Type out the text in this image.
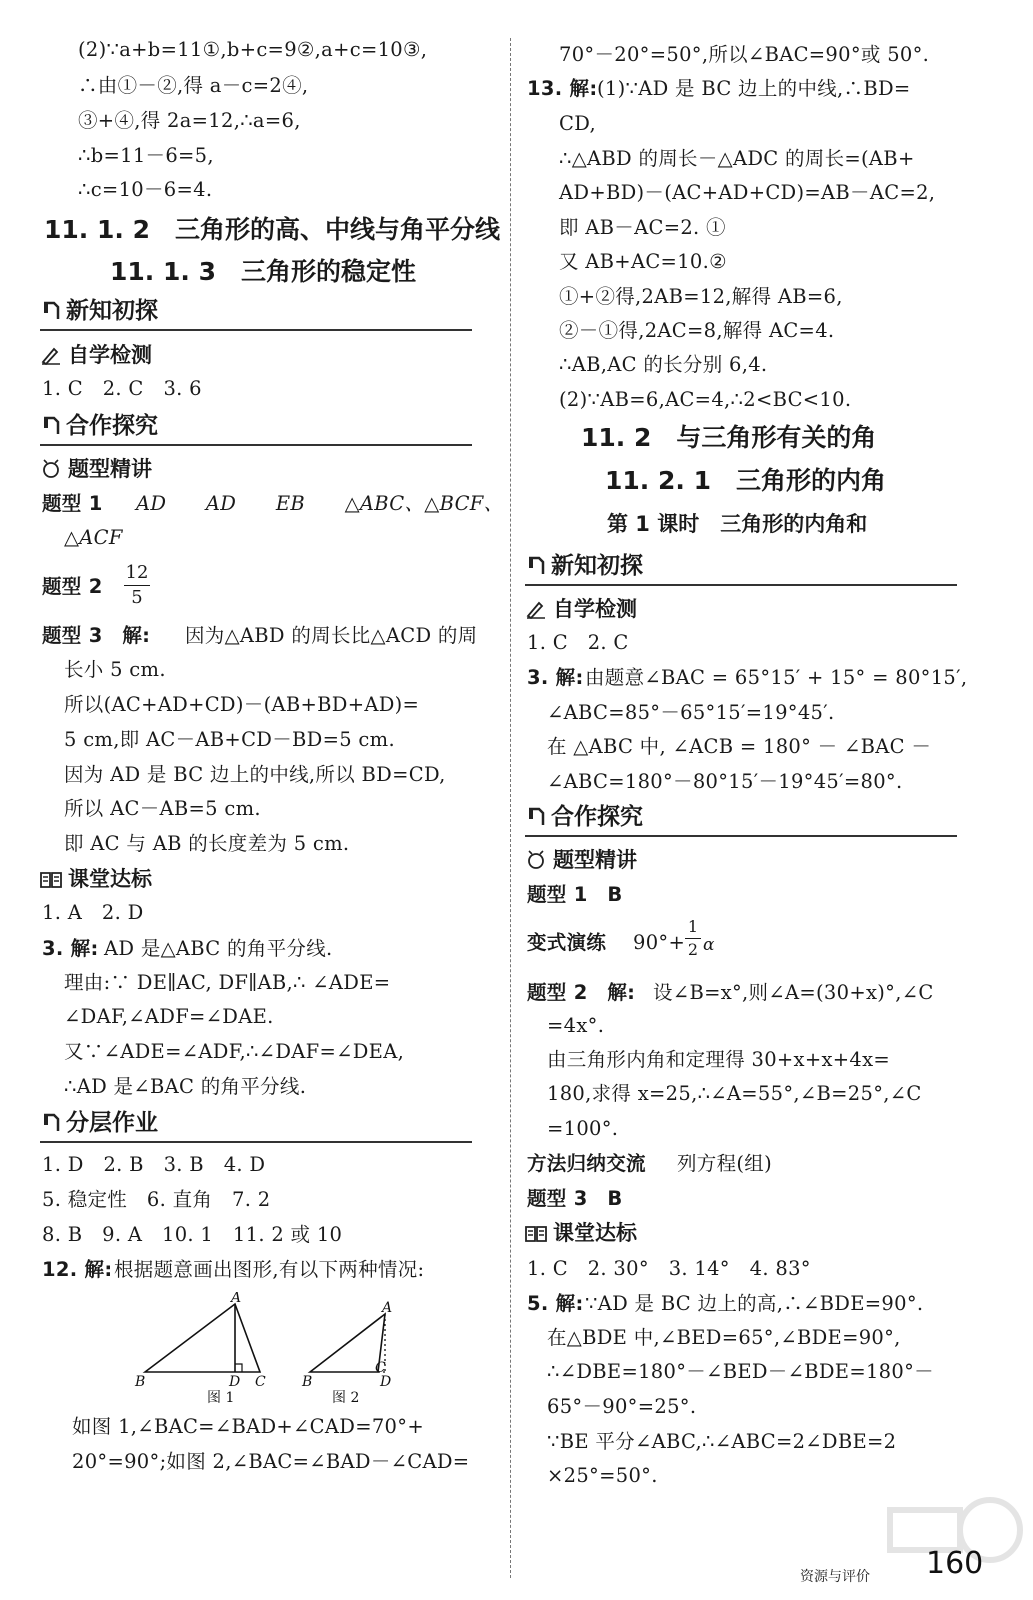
(2)∵a+b=11①,b+c=9②,a+c=10③,
∴由①－②,得 a－c=2④,
③+④,得 2a=12,∴a=6,
∴b=11－6=5,
∴c=10－6=4.
11. 1. 2　三角形的高、中线与角平分线
11. 1. 3　三角形的稳定性
新知初探
自学检测
1. C　2. C　3. 6
合作探究
题型精讲
题型 1 AD　　AD　　EB　　△ABC、△BCF、
△ACF
题型 2
12
5
题型 3　解: 因为△ABD 的周长比△ACD 的周
长小 5 cm.
所以(AC+AD+CD)－(AB+BD+AD)=
5 cm,即 AC－AB+CD－BD=5 cm.
因为 AD 是 BC 边上的中线,所以 BD=CD,
所以 AC－AB=5 cm.
即 AC 与 AB 的长度差为 5 cm.
课堂达标
1. A　2. D
3. 解: AD 是△ABC 的角平分线.
理由:∵ DE∥AC, DF∥AB,∴ ∠ADE=
∠DAF,∠ADF=∠DAE.
又∵∠ADE=∠ADF,∴∠DAF=∠DEA,
∴AD 是∠BAC 的角平分线.
分层作业
1. D　2. B　3. B　4. D
5. 稳定性　6. 直角　7. 2
8. B　9. A　10. 1　11. 2 或 10
12. 解: 根据题意画出图形,有以下两种情况:
如图 1,∠BAC=∠BAD+∠CAD=70°+
20°=90°;如图 2,∠BAC=∠BAD－∠CAD=
A
B	D C
A
B
C
D
图 1	图 2
70°－20°=50°,所以∠BAC=90°或 50°.
13. 解: (1)∵AD 是 BC 边上的中线,∴BD=
CD,
∴△ABD 的周长－△ADC 的周长=(AB+
AD+BD)－(AC+AD+CD)=AB－AC=2,
即 AB－AC=2. ①
又 AB+AC=10.②
①+②得,2AB=12,解得 AB=6,
②－①得,2AC=8,解得 AC=4.
∴AB,AC 的长分别 6,4.
(2)∵AB=6,AC=4,∴2<BC<10.
11. 2　与三角形有关的角
11. 2. 1　三角形的内角
第 1 课时　三角形的内角和
新知初探
自学检测
1. C　2. C
3. 解: 由题意∠BAC = 65°15′ + 15° = 80°15′,
∠ABC=85°－65°15′=19°45′.
在 △ABC 中, ∠ACB = 180° － ∠BAC －
∠ABC=180°－80°15′－19°45′=80°.
合作探究
题型精讲
题型 1　B
变式演练 90°+
1
2 α
题型 2　解: 设∠B=x°,则∠A=(30+x)°,∠C
=4x°.
由三角形内角和定理得 30+x+x+4x=
180,求得 x=25,∴∠A=55°,∠B=25°,∠C
=100°.
方法归纳交流 列方程(组)
题型 3　B
课堂达标
1. C　2. 30°　3. 14°　4. 83°
5. 解: ∵AD 是 BC 边上的高,∴∠BDE=90°.
在△BDE 中,∠BED=65°,∠BDE=90°,
∴∠DBE=180°－∠BED－∠BDE=180°－
65°－90°=25°.
∵BE 平分∠ABC,∴∠ABC=2∠DBE=2
×25°=50°.
资源与评价 160
